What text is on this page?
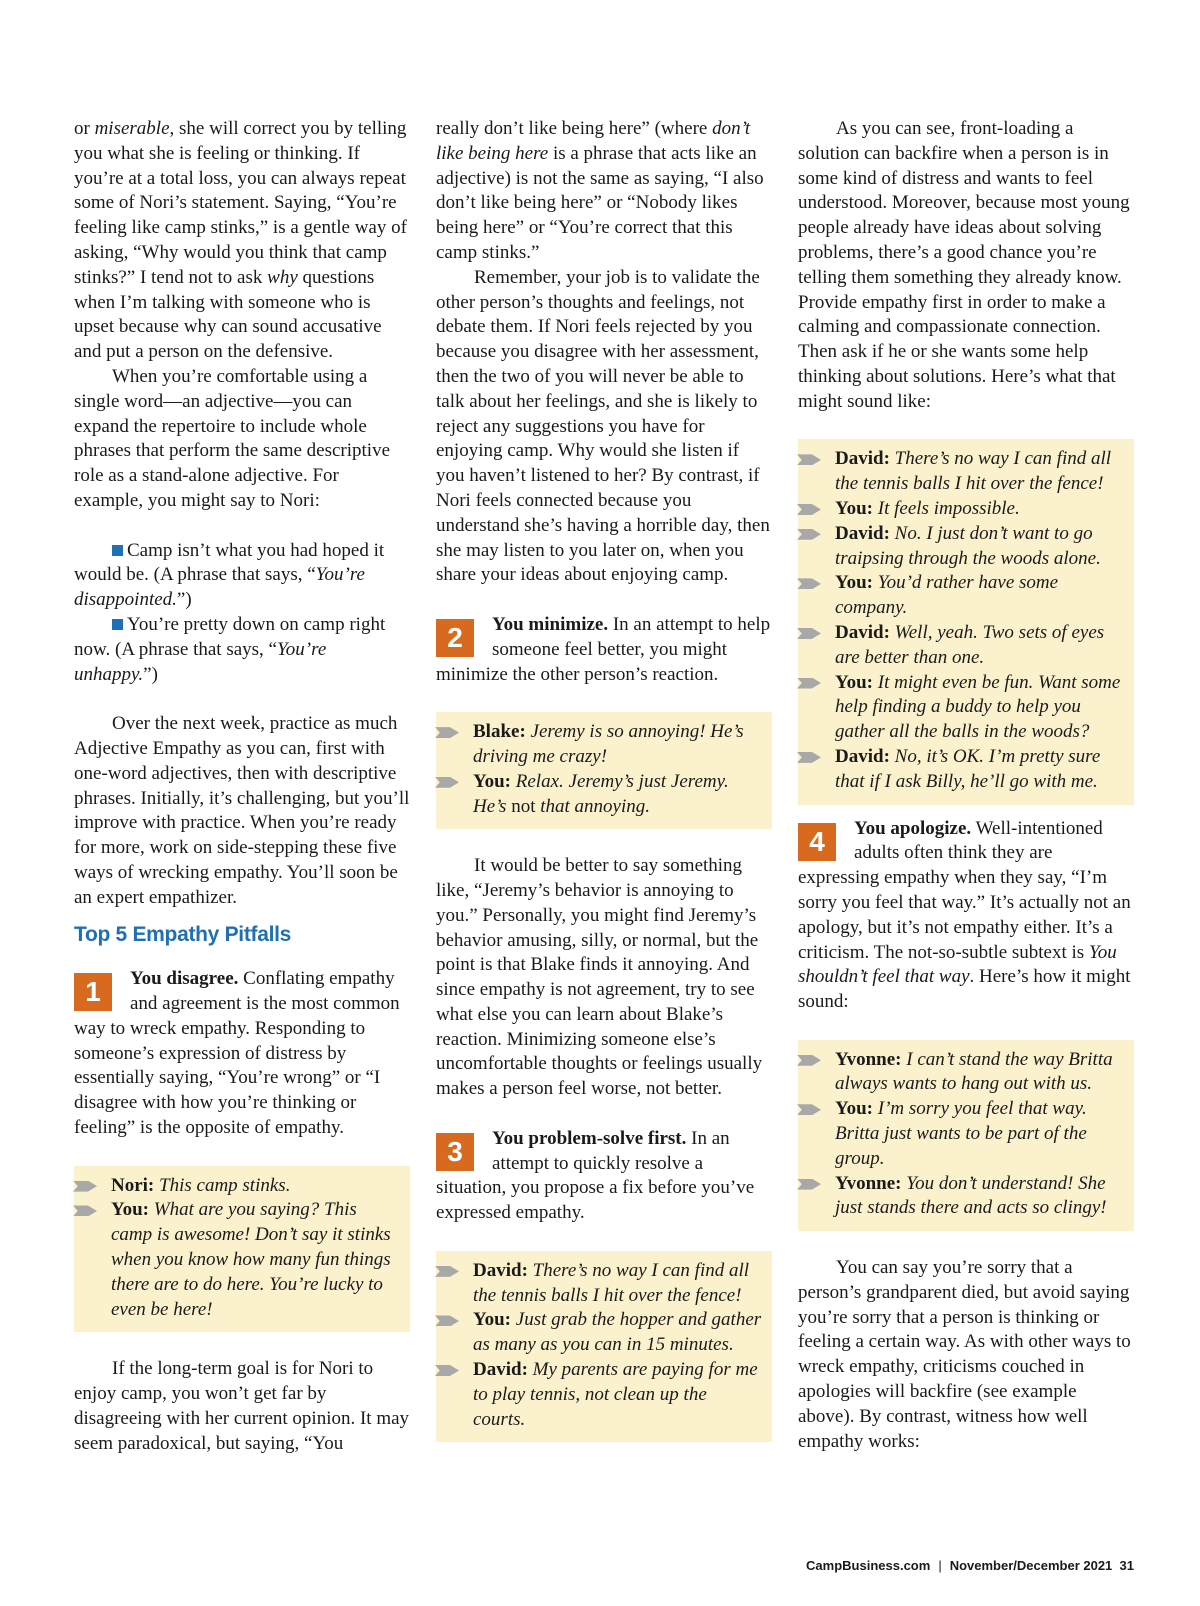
or miserable, she will correct you by telling you what she is feeling or thinking. If you’re at a total loss, you can always repeat some of Nori’s statement. Saying, “You’re feeling like camp stinks,” is a gentle way of asking, “Why would you think that camp stinks?” I tend not to ask why questions when I’m talking with someone who is upset because why can sound accusative and put a person on the defensive.

When you’re comfortable using a single word—an adjective—you can expand the repertoire to include whole phrases that perform the same descriptive role as a stand-alone adjective. For example, you might say to Nori:

Camp isn’t what you had hoped it would be. (A phrase that says, “You’re disappointed.”)

You’re pretty down on camp right now. (A phrase that says, “You’re unhappy.”)

Over the next week, practice as much Adjective Empathy as you can, first with one-word adjectives, then with descriptive phrases. Initially, it’s challenging, but you’ll improve with practice. When you’re ready for more, work on side-stepping these five ways of wrecking empathy. You’ll soon be an expert empathizer.

Top 5 Empathy Pitfalls

1	You disagree. Conflating empathy and agreement is the most common way to wreck empathy. Responding to someone’s expression of distress by essentially saying, “You’re wrong” or “I disagree with how you’re thinking or feeling” is the opposite of empathy.

Nori: This camp stinks.

You: What are you saying? This camp is awesome! Don’t say it stinks when you know how many fun things there are to do here. You’re lucky to even be here!

If the long-term goal is for Nori to enjoy camp, you won’t get far by disagreeing with her current opinion. It may seem paradoxical, but saying, “You

really don’t like being here” (where don’t like being here is a phrase that acts like an adjective) is not the same as saying, “I also don’t like being here” or “Nobody likes being here” or “You’re correct that this camp stinks.”

Remember, your job is to validate the other person’s thoughts and feelings, not debate them. If Nori feels rejected by you because you disagree with her assessment, then the two of you will never be able to talk about her feelings, and she is likely to reject any suggestions you have for enjoying camp. Why would she listen if you haven’t listened to her? By contrast, if Nori feels connected because you understand she’s having a horrible day, then she may listen to you later on, when you share your ideas about enjoying camp.

2	You minimize. In an attempt to help someone feel better, you might minimize the other person’s reaction.

Blake: Jeremy is so annoying! He’s driving me crazy!

You: Relax. Jeremy’s just Jeremy. He’s not that annoying.

It would be better to say something like, “Jeremy’s behavior is annoying to you.” Personally, you might find Jeremy’s behavior amusing, silly, or normal, but the point is that Blake finds it annoying. And since empathy is not agreement, try to see what else you can learn about Blake’s reaction. Minimizing someone else’s uncomfortable thoughts or feelings usually makes a person feel worse, not better.

3	You problem-solve first. In an attempt to quickly resolve a situation, you propose a fix before you’ve expressed empathy.

David: There’s no way I can find all the tennis balls I hit over the fence!

You: Just grab the hopper and gather as many as you can in 15 minutes.

David: My parents are paying for me to play tennis, not clean up the courts.

As you can see, front-loading a solution can backfire when a person is in some kind of distress and wants to feel understood. Moreover, because most young people already have ideas about solving problems, there’s a good chance you’re telling them something they already know. Provide empathy first in order to make a calming and compassionate connection. Then ask if he or she wants some help thinking about solutions. Here’s what that might sound like:

David: There’s no way I can find all the tennis balls I hit over the fence!

You: It feels impossible.

David: No. I just don’t want to go traipsing through the woods alone.

You: You’d rather have some company.

David: Well, yeah. Two sets of eyes are better than one.

You: It might even be fun. Want some help finding a buddy to help you gather all the balls in the woods?

David: No, it’s OK. I’m pretty sure that if I ask Billy, he’ll go with me.

4	You apologize. Well-intentioned adults often think they are expressing empathy when they say, “I’m sorry you feel that way.” It’s actually not an apology, but it’s not empathy either. It’s a criticism. The not-so-subtle subtext is You shouldn’t feel that way. Here’s how it might sound:

Yvonne: I can’t stand the way Britta always wants to hang out with us.

You: I’m sorry you feel that way. Britta just wants to be part of the group.

Yvonne: You don’t understand! She just stands there and acts so clingy!

You can say you’re sorry that a person’s grandparent died, but avoid saying you’re sorry that a person is thinking or feeling a certain way. As with other ways to wreck empathy, criticisms couched in apologies will backfire (see example above). By contrast, witness how well empathy works:

CampBusiness.com | November/December 2021 31
